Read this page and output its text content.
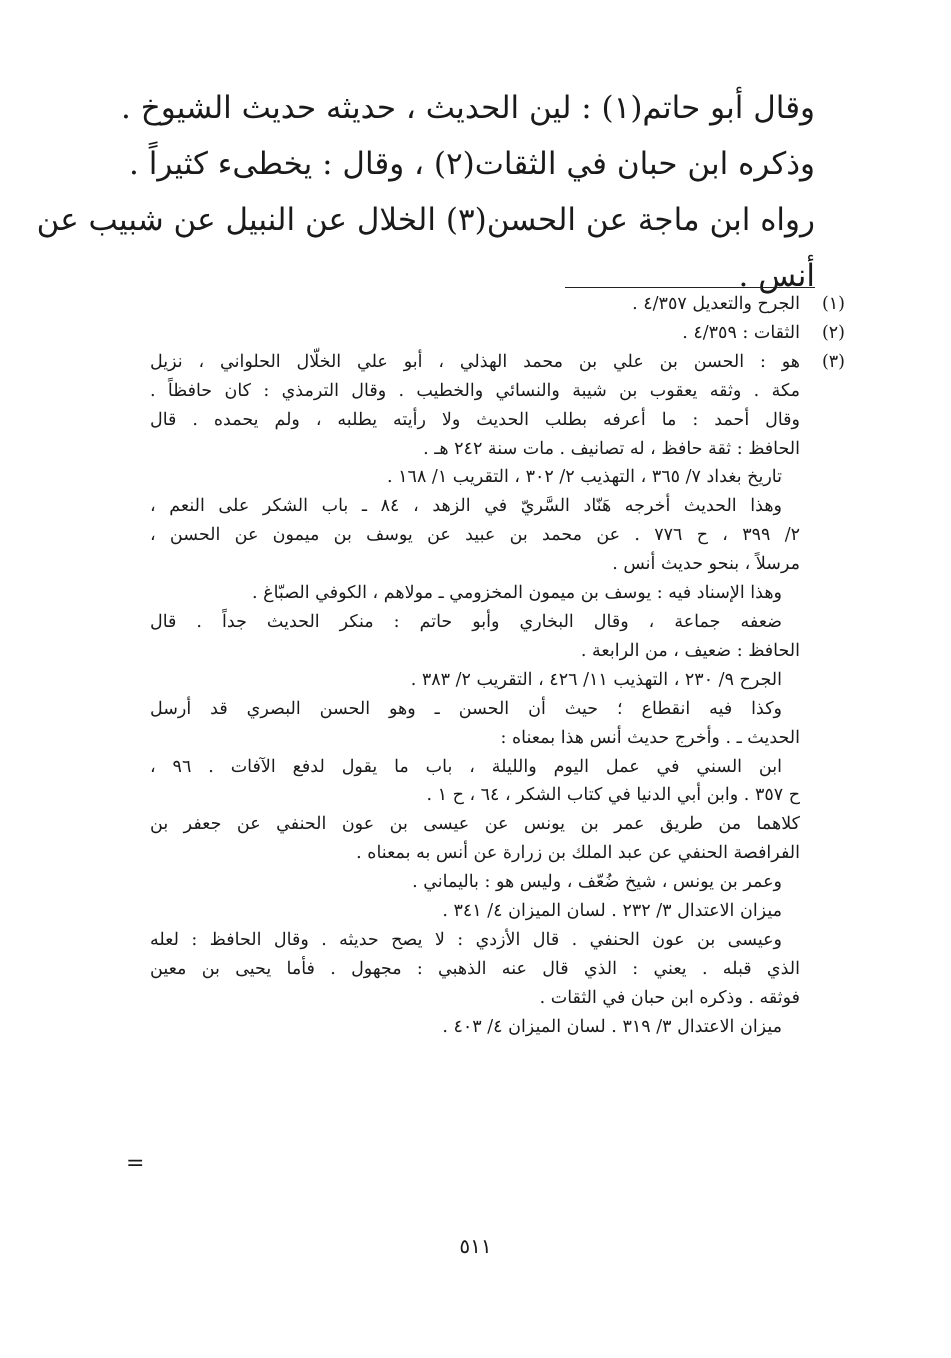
وقال أبو حاتم(١) : لين الحديث ، حديثه حديث الشيوخ .
وذكره ابن حبان في الثقات(٢) ، وقال : يخطىء كثيراً .
رواه ابن ماجة عن الحسن(٣) الخلال عن النبيل عن شبيب عن
أنس .
(١)
الجرح والتعديل ٤/٣٥٧ .
(٢)
الثقات : ٤/٣٥٩ .
(٣)
هو : الحسن بن علي بن محمد الهذلي ، أبو علي الخلّال الحلواني ، نزيل
مكة . وثقه يعقوب بن شيبة والنسائي والخطيب . وقال الترمذي : كان حافظاً .
وقال أحمد : ما أعرفه بطلب الحديث ولا رأيته يطلبه ، ولم يحمده . قال
الحافظ : ثقة حافظ ، له تصانيف . مات سنة ٢٤٢ هـ .
تاريخ بغداد ٧/ ٣٦٥ ، التهذيب ٢/ ٣٠٢ ، التقريب ١/ ١٦٨ .
وهذا الحديث أخرجه هَنّاد السَّريّ في الزهد ، ٨٤ ـ باب الشكر على النعم ،
٢/ ٣٩٩ ، ح ٧٧٦ . عن محمد بن عبيد عن يوسف بن ميمون عن الحسن ،
مرسلاً ، بنحو حديث أنس .
وهذا الإسناد فيه : يوسف بن ميمون المخزومي ـ مولاهم ، الكوفي الصبّاغ .
ضعفه جماعة ، وقال البخاري وأبو حاتم : منكر الحديث جداً . قال
الحافظ : ضعيف ، من الرابعة .
الجرح ٩/ ٢٣٠ ، التهذيب ١١/ ٤٢٦ ، التقريب ٢/ ٣٨٣ .
وكذا فيه انقطاع ؛ حيث أن الحسن ـ وهو الحسن البصري قد أرسل
الحديث ـ . وأخرج حديث أنس هذا بمعناه :
ابن السني في عمل اليوم والليلة ، باب ما يقول لدفع الآفات . ٩٦ ،
ح ٣٥٧ . وابن أبي الدنيا في كتاب الشكر ، ٦٤ ، ح ١ .
كلاهما من طريق عمر بن يونس عن عيسى بن عون الحنفي عن جعفر بن
الفرافصة الحنفي عن عبد الملك بن زرارة عن أنس به بمعناه .
وعمر بن يونس ، شيخ ضُعّف ، وليس هو : باليماني .
ميزان الاعتدال ٣/ ٢٣٢ . لسان الميزان ٤/ ٣٤١ .
وعيسى بن عون الحنفي . قال الأزدي : لا يصح حديثه . وقال الحافظ : لعله
الذي قبله . يعني : الذي قال عنه الذهبي : مجهول . فأما يحيى بن معين
فوثقه . وذكره ابن حبان في الثقات .
ميزان الاعتدال ٣/ ٣١٩ . لسان الميزان ٤/ ٤٠٣ .
=
٥١١
